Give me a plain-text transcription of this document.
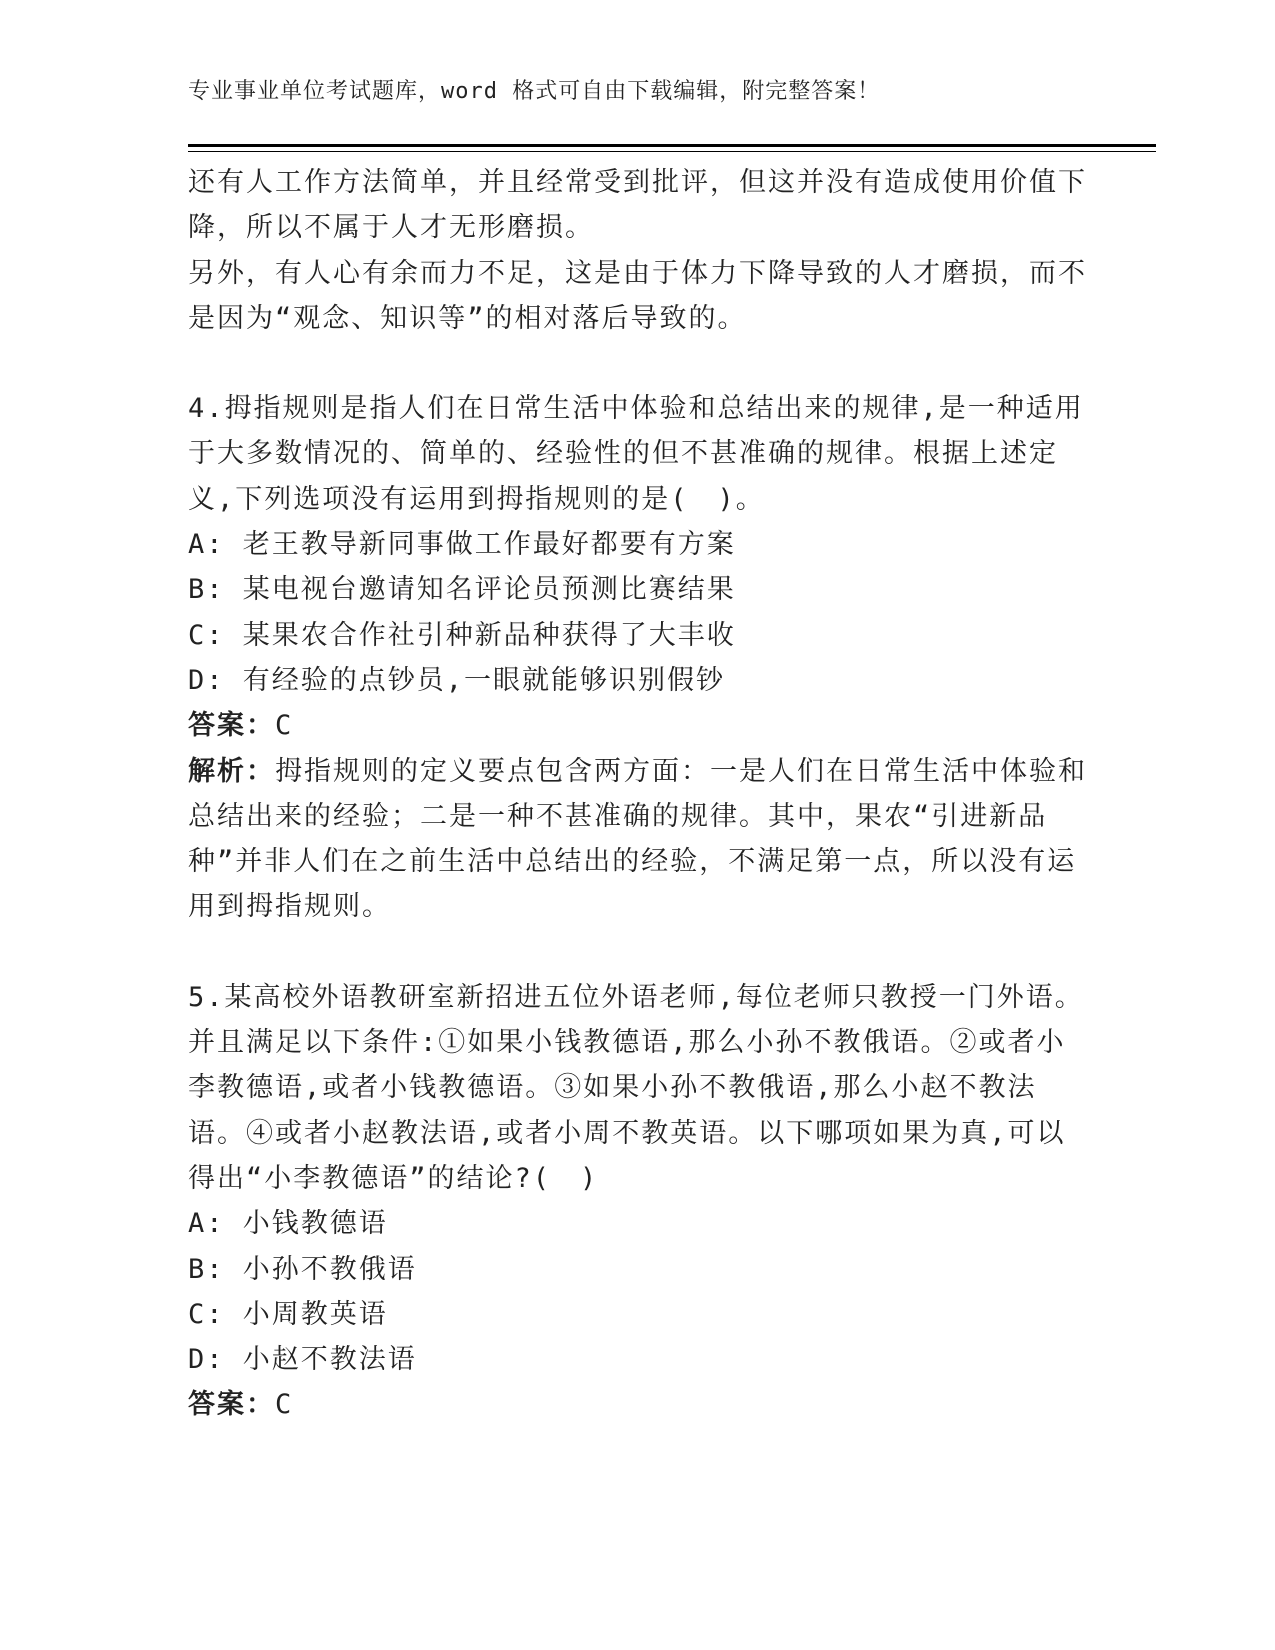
专业事业单位考试题库，word 格式可自由下载编辑，附完整答案！

还有人工作方法简单，并且经常受到批评，但这并没有造成使用价值下降，所以不属于人才无形磨损。

另外，有人心有余而力不足，这是由于体力下降导致的人才磨损，而不是因为“观念、知识等”的相对落后导致的。

4.拇指规则是指人们在日常生活中体验和总结出来的规律,是一种适用于大多数情况的、简单的、经验性的但不甚准确的规律。根据上述定义,下列选项没有运用到拇指规则的是(　)。

A: 老王教导新同事做工作最好都要有方案

B: 某电视台邀请知名评论员预测比赛结果

C: 某果农合作社引种新品种获得了大丰收

D: 有经验的点钞员,一眼就能够识别假钞

答案：C

解析：拇指规则的定义要点包含两方面：一是人们在日常生活中体验和总结出来的经验；二是一种不甚准确的规律。其中，果农“引进新品种”并非人们在之前生活中总结出的经验，不满足第一点，所以没有运用到拇指规则。

5.某高校外语教研室新招进五位外语老师,每位老师只教授一门外语。并且满足以下条件:①如果小钱教德语,那么小孙不教俄语。②或者小李教德语,或者小钱教德语。③如果小孙不教俄语,那么小赵不教法语。④或者小赵教法语,或者小周不教英语。以下哪项如果为真,可以得出“小李教德语”的结论?(　)

A: 小钱教德语

B: 小孙不教俄语

C: 小周教英语

D: 小赵不教法语

答案：C
